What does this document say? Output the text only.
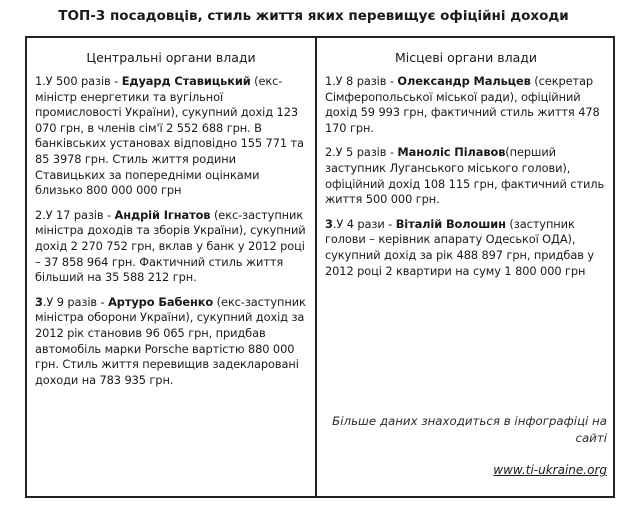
ТОП-3 посадовців, стиль життя яких перевищує офіційні доходи
Центральні органи влади
1.У 500 разів - Едуард Ставицький (екс-міністр енергетики та вугільної промисловості України), сукупний дохід 123 070 грн, в членів сім'ї 2 552 688 грн. В банківських установах відповідно 155 771 та 85 3978 грн. Стиль життя родини Ставицьких за попередніми оцінками близько 800 000 000 грн
2.У 17 разів - Андрій Ігнатов (екс-заступник міністра доходів та зборів України), сукупний дохід 2 270 752 грн, вклав у банк у 2012 році – 37 858 964 грн. Фактичний стиль життя більший на 35 588 212 грн.
3.У 9 разів - Артуро Бабенко (екс-заступник міністра оборони України), сукупний дохід за 2012 рік становив 96 065 грн, придбав автомобіль марки Porsche вартістю 880 000 грн. Стиль життя перевищив задекларовані доходи на 783 935 грн.
Місцеві органи влади
1.У 8 разів - Олександр Мальцев (секретар Сімферопольської міської ради), офіційний дохід 59 993 грн, фактичний стиль життя 478 170 грн.
2.У 5 разів - Маноліс Пілавов(перший заступник Луганського міського голови), офіційний дохід 108 115 грн, фактичний стиль життя 500 000 грн.
3.У 4 рази - Віталій Волошин (заступник голови – керівник апарату Одеської ОДА), сукупний дохід за рік 488 897 грн, придбав у 2012 році 2 квартири на суму 1 800 000 грн
Більше даних знаходиться в інфографіці на сайті
www.ti-ukraine.org
